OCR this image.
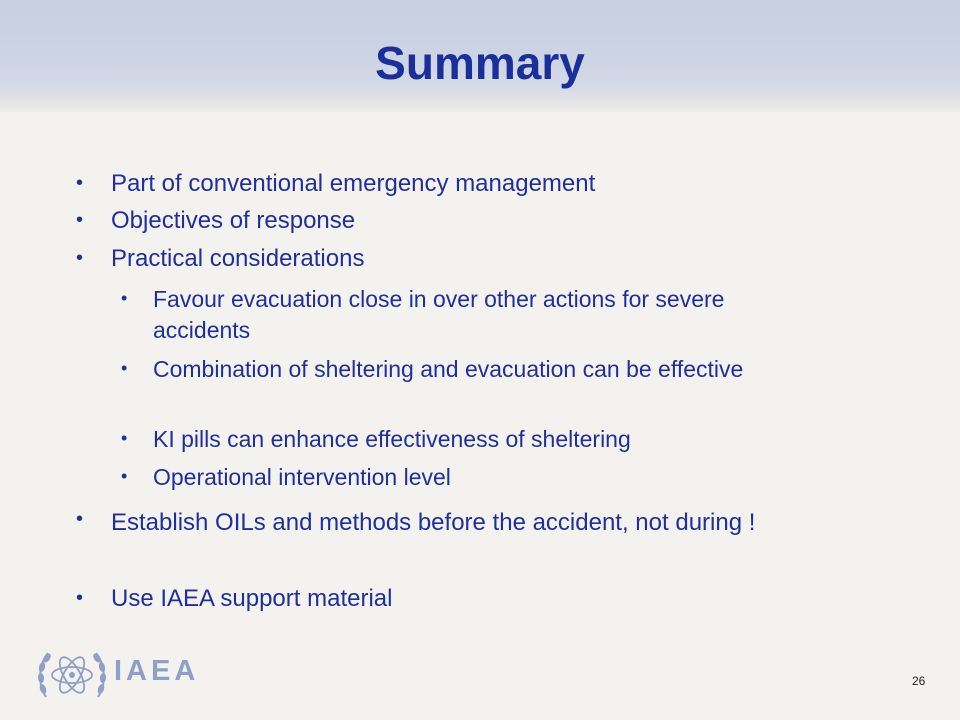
Summary
• Part of conventional emergency management
• Objectives of response
• Practical considerations
• Favour evacuation close in over other actions for severe accidents
• Combination of sheltering and evacuation can be effective
• KI pills can enhance effectiveness of sheltering
• Operational intervention level
• Establish OILs and methods before the accident, not during !
• Use IAEA support material
IAEA	26
